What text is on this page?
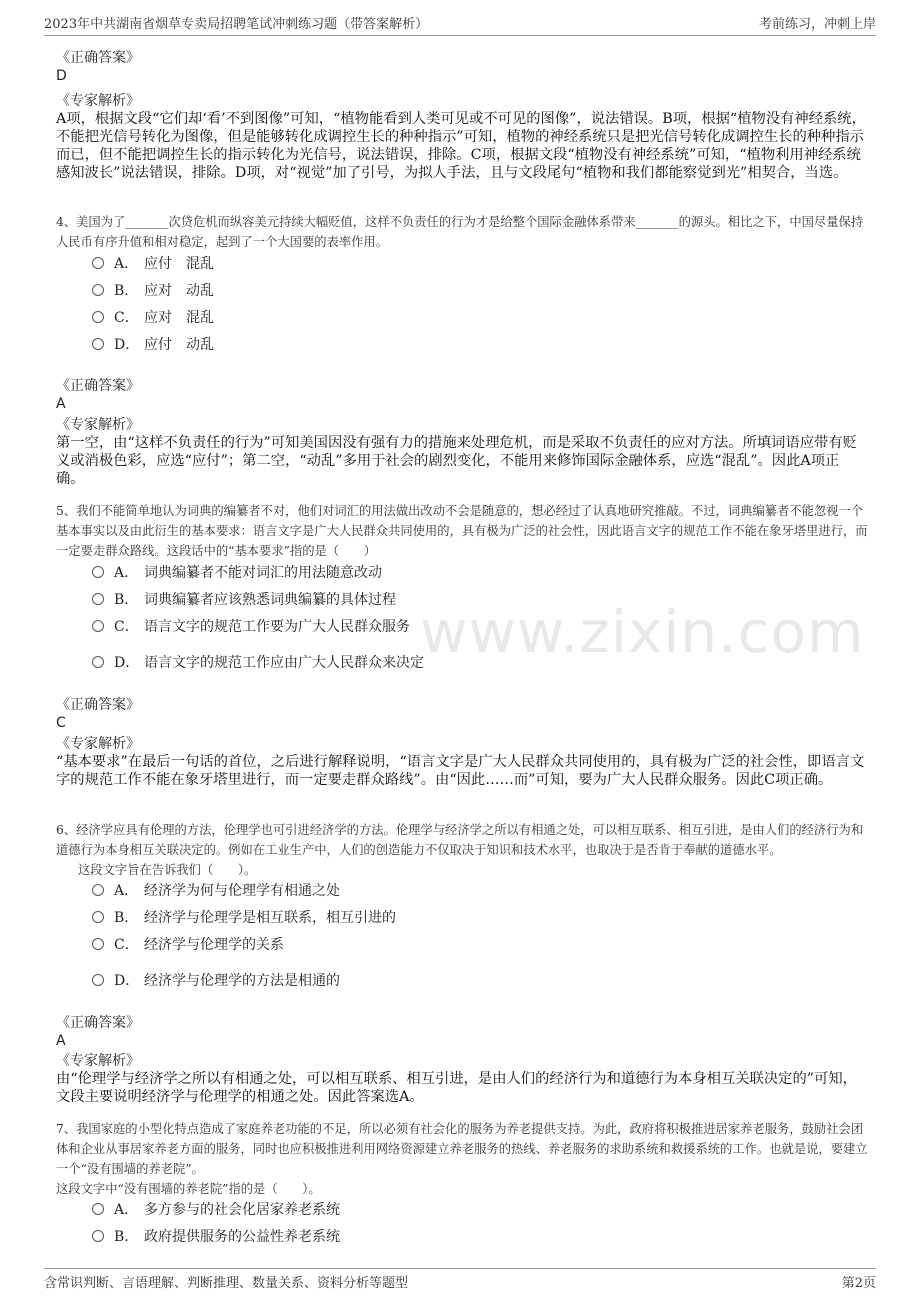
2023年中共湖南省烟草专卖局招聘笔试冲刺练习题（带答案解析）	考前练习，冲刺上岸
www.zixin.com
《正确答案》
D
《专家解析》
A项，根据文段“它们却‘看’不到图像”可知，“植物能看到人类可见或不可见的图像”，说法错误。B项，根据“植物没有神经系统，不能把光信号转化为图像，但是能够转化成调控生长的种种指示”可知，植物的神经系统只是把光信号转化成调控生长的种种指示而已，但不能把调控生长的指示转化为光信号，说法错误，排除。C项，根据文段“植物没有神经系统”可知，“植物利用神经系统感知波长”说法错误，排除。D项，对“视觉”加了引号，为拟人手法，且与文段尾句“植物和我们都能察觉到光”相契合，当选。
4、美国为了_______次贷危机而纵容美元持续大幅贬值，这样不负责任的行为才是给整个国际金融体系带来_______的源头。相比之下，中国尽量保持人民币有序升值和相对稳定，起到了一个大国要的表率作用。
A． 应付　混乱
B． 应对　动乱
C． 应对　混乱
D． 应付　动乱
《正确答案》
A
《专家解析》
第一空，由“这样不负责任的行为”可知美国因没有强有力的措施来处理危机，而是采取不负责任的应对方法。所填词语应带有贬义或消极色彩，应选“应付”；第二空，“动乱”多用于社会的剧烈变化，不能用来修饰国际金融体系，应选“混乱”。因此A项正确。
5、我们不能简单地认为词典的编纂者不对，他们对词汇的用法做出改动不会是随意的，想必经过了认真地研究推敲。不过，词典编纂者不能忽视一个基本事实以及由此衍生的基本要求：语言文字是广大人民群众共同使用的，具有极为广泛的社会性，因此语言文字的规范工作不能在象牙塔里进行，而一定要走群众路线。这段话中的“基本要求”指的是（　　）
A． 词典编纂者不能对词汇的用法随意改动
B． 词典编纂者应该熟悉词典编纂的具体过程
C． 语言文字的规范工作要为广大人民群众服务
D． 语言文字的规范工作应由广大人民群众来决定
《正确答案》
C
《专家解析》
“基本要求”在最后一句话的首位，之后进行解释说明，“语言文字是广大人民群众共同使用的，具有极为广泛的社会性，即语言文字的规范工作不能在象牙塔里进行，而一定要走群众路线”。由“因此……而”可知，要为广大人民群众服务。因此C项正确。
6、经济学应具有伦理的方法，伦理学也可引进经济学的方法。伦理学与经济学之所以有相通之处，可以相互联系、相互引进，是由人们的经济行为和道德行为本身相互关联决定的。例如在工业生产中，人们的创造能力不仅取决于知识和技术水平，也取决于是否肯于奉献的道德水平。
这段文字旨在告诉我们（　　）。
A． 经济学为何与伦理学有相通之处
B． 经济学与伦理学是相互联系，相互引进的
C． 经济学与伦理学的关系
D． 经济学与伦理学的方法是相通的
《正确答案》
A
《专家解析》
由“伦理学与经济学之所以有相通之处，可以相互联系、相互引进，是由人们的经济行为和道德行为本身相互关联决定的”可知，文段主要说明经济学与伦理学的相通之处。因此答案选A。
7、我国家庭的小型化特点造成了家庭养老功能的不足，所以必须有社会化的服务为养老提供支持。为此，政府将积极推进居家养老服务，鼓励社会团体和企业从事居家养老方面的服务，同时也应积极推进利用网络资源建立养老服务的热线、养老服务的求助系统和救援系统的工作。也就是说，要建立一个“没有围墙的养老院”。
这段文字中“没有围墙的养老院”指的是（　　）。
A． 多方参与的社会化居家养老系统
B． 政府提供服务的公益性养老系统
含常识判断、言语理解、判断推理、数量关系、资料分析等题型	第2页
